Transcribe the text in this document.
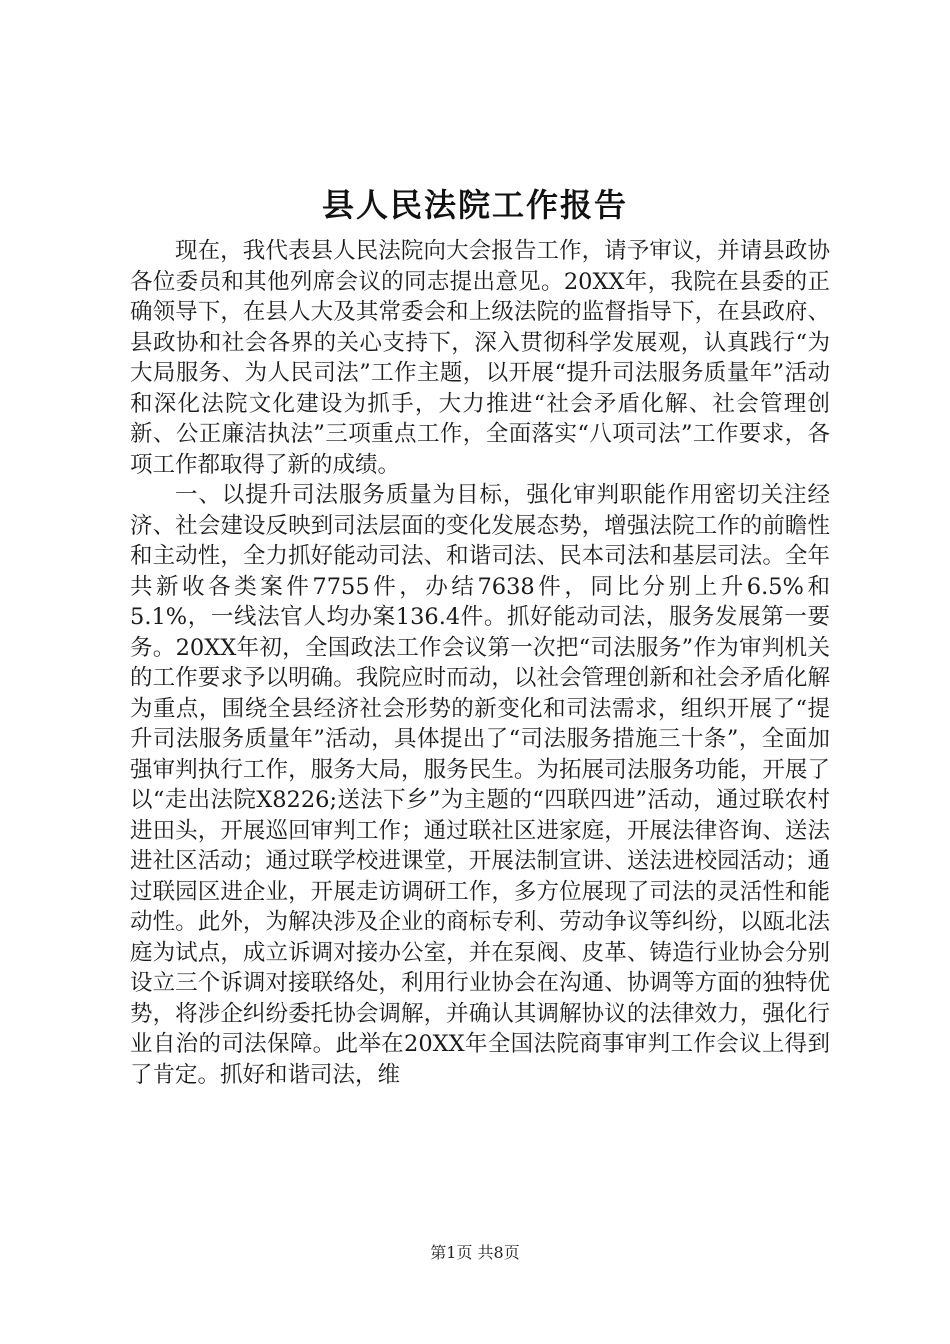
县人民法院工作报告

现在，我代表县人民法院向大会报告工作，请予审议，并请县政协各位委员和其他列席会议的同志提出意见。20XX年，我院在县委的正确领导下，在县人大及其常委会和上级法院的监督指导下，在县政府、县政协和社会各界的关心支持下，深入贯彻科学发展观，认真践行“为大局服务、为人民司法”工作主题，以开展“提升司法服务质量年”活动和深化法院文化建设为抓手，大力推进“社会矛盾化解、社会管理创新、公正廉洁执法”三项重点工作，全面落实“八项司法”工作要求，各项工作都取得了新的成绩。

一、以提升司法服务质量为目标，强化审判职能作用密切关注经济、社会建设反映到司法层面的变化发展态势，增强法院工作的前瞻性和主动性，全力抓好能动司法、和谐司法、民本司法和基层司法。全年共新收各类案件7755件，办结7638件，同比分别上升6.5%和5.1%，一线法官人均办案136.4件。抓好能动司法，服务发展第一要务。20XX年初，全国政法工作会议第一次把“司法服务”作为审判机关的工作要求予以明确。我院应时而动，以社会管理创新和社会矛盾化解为重点，围绕全县经济社会形势的新变化和司法需求，组织开展了“提升司法服务质量年”活动，具体提出了“司法服务措施三十条”，全面加强审判执行工作，服务大局，服务民生。为拓展司法服务功能，开展了以“走出法院X8226;送法下乡”为主题的“四联四进”活动，通过联农村进田头，开展巡回审判工作；通过联社区进家庭，开展法律咨询、送法进社区活动；通过联学校进课堂，开展法制宣讲、送法进校园活动；通过联园区进企业，开展走访调研工作，多方位展现了司法的灵活性和能动性。此外，为解决涉及企业的商标专利、劳动争议等纠纷，以瓯北法庭为试点，成立诉调对接办公室，并在泵阀、皮革、铸造行业协会分别设立三个诉调对接联络处，利用行业协会在沟通、协调等方面的独特优势，将涉企纠纷委托协会调解，并确认其调解协议的法律效力，强化行业自治的司法保障。此举在20XX年全国法院商事审判工作会议上得到了肯定。抓好和谐司法，维

第1页 共8页
